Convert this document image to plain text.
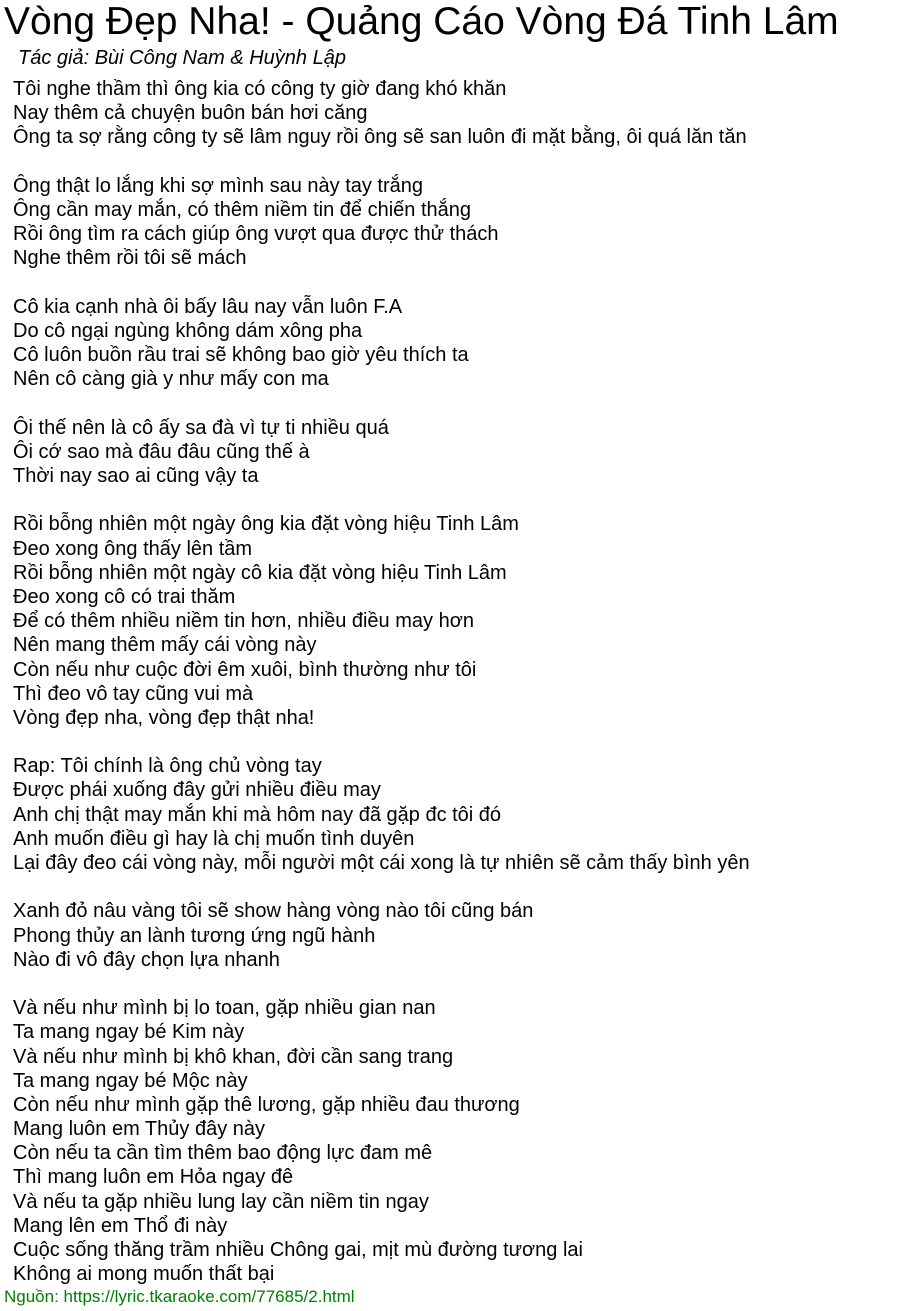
Vòng Đẹp Nha! - Quảng Cáo Vòng Đá Tinh Lâm
Tác giả: Bùi Công Nam & Huỳnh Lập
Tôi nghe thầm thì ông kia có công ty giờ đang khó khăn
Nay thêm cả chuyện buôn bán hơi căng
Ông ta sợ rằng công ty sẽ lâm nguy rồi ông sẽ san luôn đi mặt bằng, ôi quá lăn tăn
Ông thật lo lắng khi sợ mình sau này tay trắng
Ông cần may mắn, có thêm niềm tin để chiến thắng
Rồi ông tìm ra cách giúp ông vượt qua được thử thách
Nghe thêm rồi tôi sẽ mách
Cô kia cạnh nhà ôi bấy lâu nay vẫn luôn F.A
Do cô ngại ngùng không dám xông pha
Cô luôn buồn rầu trai sẽ không bao giờ yêu thích ta
Nên cô càng già y như mấy con ma
Ôi thế nên là cô ấy sa đà vì tự ti nhiều quá
Ôi cớ sao mà đâu đâu cũng thế à
Thời nay sao ai cũng vậy ta
Rồi bỗng nhiên một ngày ông kia đặt vòng hiệu Tinh Lâm
Đeo xong ông thấy lên tầm
Rồi bỗng nhiên một ngày cô kia đặt vòng hiệu Tinh Lâm
Đeo xong cô có trai thăm
Để có thêm nhiều niềm tin hơn, nhiều điều may hơn
Nên mang thêm mấy cái vòng này
Còn nếu như cuộc đời êm xuôi, bình thường như tôi
Thì đeo vô tay cũng vui mà
Vòng đẹp nha, vòng đẹp thật nha!
Rap: Tôi chính là ông chủ vòng tay
Được phái xuống đây gửi nhiều điều may
Anh chị thật may mắn khi mà hôm nay đã gặp đc tôi đó
Anh muốn điều gì hay là chị muốn tình duyên
Lại đây đeo cái vòng này, mỗi người một cái xong là tự nhiên sẽ cảm thấy bình yên
Xanh đỏ nâu vàng tôi sẽ show hàng vòng nào tôi cũng bán
Phong thủy an lành tương ứng ngũ hành
Nào đi vô đây chọn lựa nhanh
Và nếu như mình bị lo toan, gặp nhiều gian nan
Ta mang ngay bé Kim này
Và nếu như mình bị khô khan, đời cần sang trang
Ta mang ngay bé Mộc này
Còn nếu như mình gặp thê lương, gặp nhiều đau thương
Mang luôn em Thủy đây này
Còn nếu ta cần tìm thêm bao động lực đam mê
Thì mang luôn em Hỏa ngay đê
Và nếu ta gặp nhiều lung lay cần niềm tin ngay
Mang lên em Thổ đi này
Cuộc sống thăng trầm nhiều Chông gai, mịt mù đường tương lai
Không ai mong muốn thất bại
Nguồn: https://lyric.tkaraoke.com/77685/2.html
